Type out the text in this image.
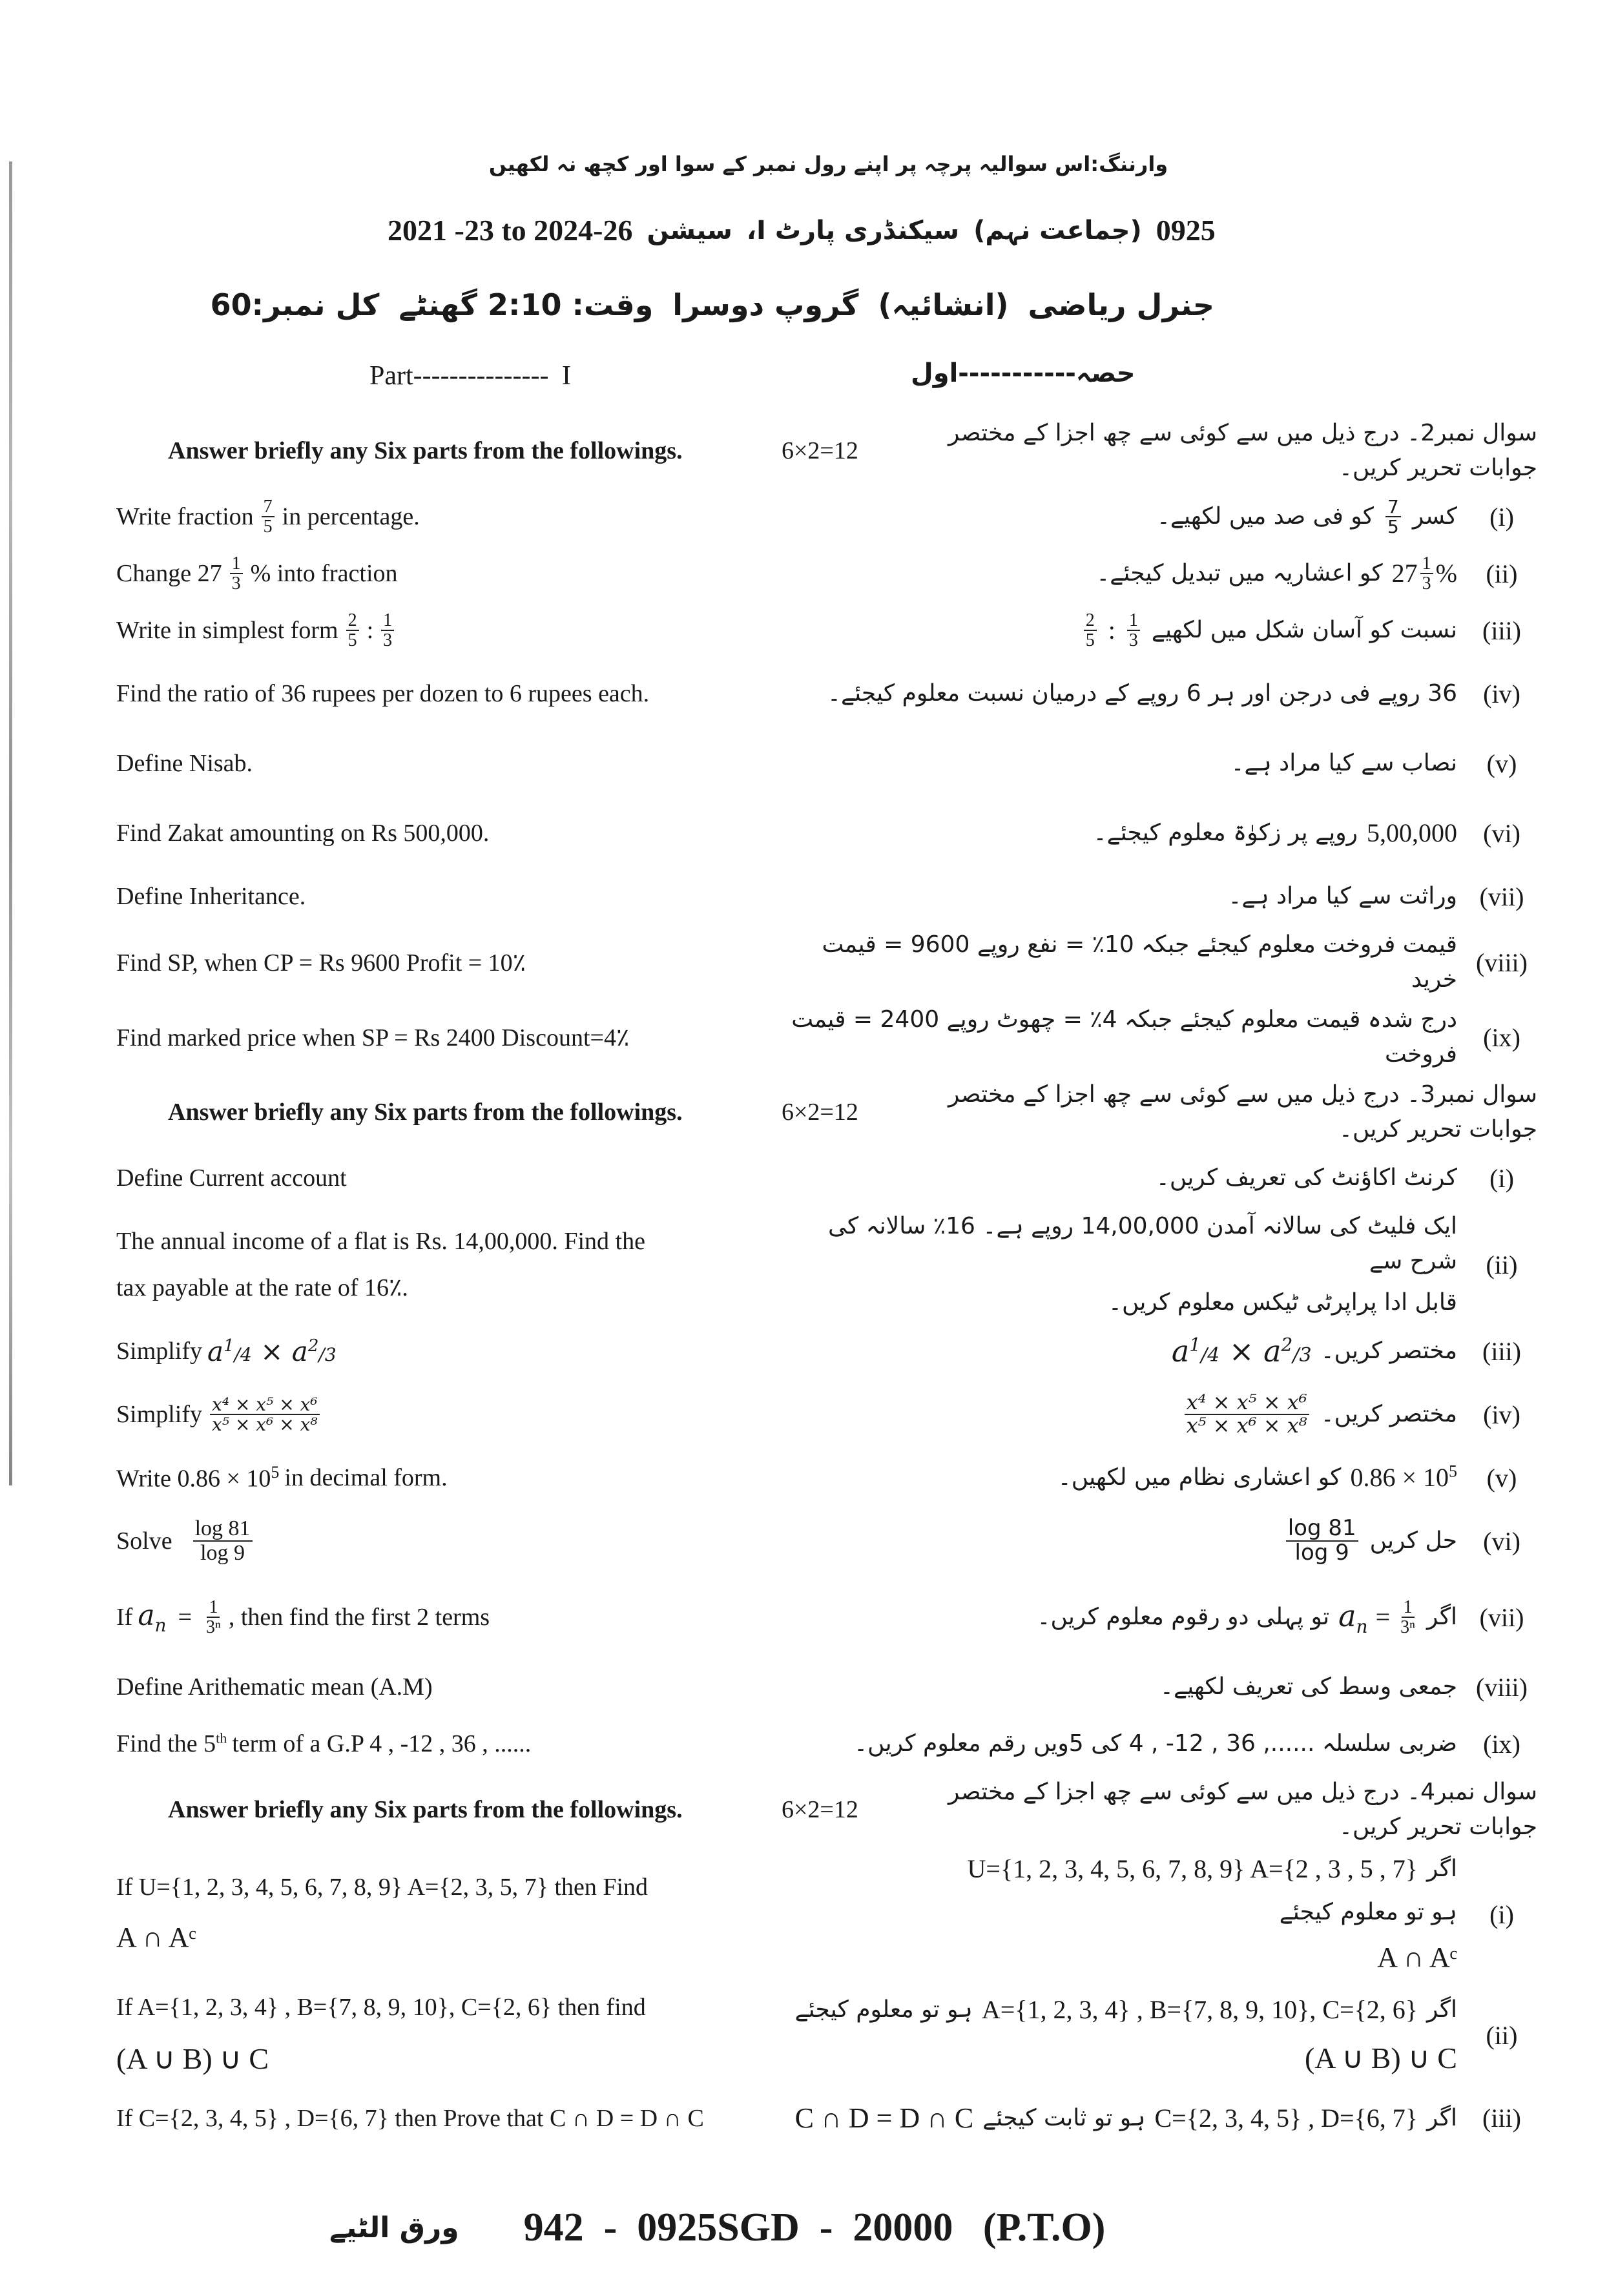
وارننگ:اس سوالیہ پرچہ پر اپنے رول نمبر کے سوا اور کچھ نہ لکھیں
0925
(جماعت نہم)
سیکنڈری پارٹ I،
سیشن
2021 -23 to 2024-26
جنرل ریاضی
(انشائیہ)
گروپ دوسرا
وقت: 2:10 گھنٹے
کل نمبر:60
Part--------------- I	حصہ-----------اول
Answer briefly any Six parts from the followings.
سوال نمبر2۔ درج ذیل میں سے کوئی سے چھ اجزا کے مختصر جوابات تحریر کریں۔
6×2=12
Write fraction $\frac{7}{5}$ in percentage.	(i)
کسر
$\frac{7}{5}$
کو فی صد میں لکھیے۔
Change $27 \frac{1}{3}$ % into fraction	(ii)
$27 \frac{1}{3}$ %
کو اعشاریہ میں تبدیل کیجئے۔
Write in simplest form $\frac{2}{5}$ : $\frac{1}{3}$	(iii)
نسبت کو آسان شکل میں لکھیے
$\frac{2}{5}$ : $\frac{1}{3}$
Find the ratio of 36 rupees per dozen to 6 rupees each.	(iv)
36 روپے فی درجن اور ہر 6 روپے کے درمیان نسبت معلوم کیجئے۔
Define Nisab.	(v)
نصاب سے کیا مراد ہے۔
Find Zakat amounting on Rs 500,000.	(vi)
5,00,000
روپے پر زکوٰۃ معلوم کیجئے۔
Define Inheritance.	(vii)
وراثت سے کیا مراد ہے۔
Find SP, when CP = Rs 9600 Profit = 10٪	(viii)
قیمت فروخت معلوم کیجئے جبکہ 10٪ = نفع روپے 9600 = قیمت خرید
Find marked price when SP = Rs 2400 Discount=4٪	(ix)
درج شدہ قیمت معلوم کیجئے جبکہ 4٪ = چھوٹ روپے 2400 = قیمت فروخت
Answer briefly any Six parts from the followings.
سوال نمبر3۔ درج ذیل میں سے کوئی سے چھ اجزا کے مختصر جوابات تحریر کریں۔
6×2=12
Define Current account	(i)
کرنٹ اکاؤنٹ کی تعریف کریں۔
The annual income of a flat is Rs. 14,00,000. Find the
tax payable at the rate of 16٪.
(ii)
ایک فلیٹ کی سالانہ آمدن 14,00,000 روپے ہے۔ 16٪ سالانہ کی شرح سے
قابل ادا پراپرٹی ٹیکس معلوم کریں۔
Simplify $a^1/4 \times a^2/3$	(iii)
مختصر کریں۔
$a^1/4 \times a^2/3$
Simplify $\frac{\text{x⁴ × x⁵ × x⁶}}{\text{x⁵ × x⁶ × x⁸}}$	(iv)
مختصر کریں۔
$\frac{\text{x⁴ × x⁵ × x⁶}}{\text{x⁵ × x⁶ × x⁸}}$
Write $0.86 \times 10^5$ in decimal form.	(v)
$0.86 \times 10^5$
کو اعشاری نظام میں لکھیں۔
Solve $\frac{\log 81}{\log 9}$	(vi)
حل کریں
$\frac{\log 81}{\log 9}$
If $a_n = \frac{1}{\text{3ⁿ}}$ , then find the first 2 terms	(vii)
اگر
$a_n = \frac{1}{\text{3ⁿ}}$
تو پہلی دو رقوم معلوم کریں۔
Define Arithematic mean (A.M)	(viii)
جمعی وسط کی تعریف لکھیے۔
Find the 5th term of a G.P 4 , -12 , 36 , ......	(ix)
ضربی سلسلہ ......, 36 , 12- , 4 کی 5ویں رقم معلوم کریں۔
Answer briefly any Six parts from the followings.
سوال نمبر4۔ درج ذیل میں سے کوئی سے چھ اجزا کے مختصر جوابات تحریر کریں۔
6×2=12
If U={1, 2, 3, 4, 5, 6, 7, 8, 9} A={2, 3, 5, 7} then Find
A ∩ Aᶜ
(i)
اگر
U={1, 2, 3, 4, 5, 6, 7, 8, 9} A={2 , 3 , 5 , 7}
ہو تو معلوم کیجئے
A ∩ Aᶜ
If A={1, 2, 3, 4} , B={7, 8, 9, 10}, C={2, 6} then find
(A ∪ B) ∪ C
(ii)
اگر
A={1, 2, 3, 4} , B={7, 8, 9, 10}, C={2, 6}
ہو تو معلوم کیجئے
(A ∪ B) ∪ C
If C={2, 3, 4, 5} , D={6, 7} then Prove that C ∩ D = D ∩ C	(iii)
اگر
C={2, 3, 4, 5} , D={6, 7}
ہو تو ثابت کیجئے
C ∩ D = D ∩ C
ورق الٹیے 942  -  0925SGD  -  20000   (P.T.O)
